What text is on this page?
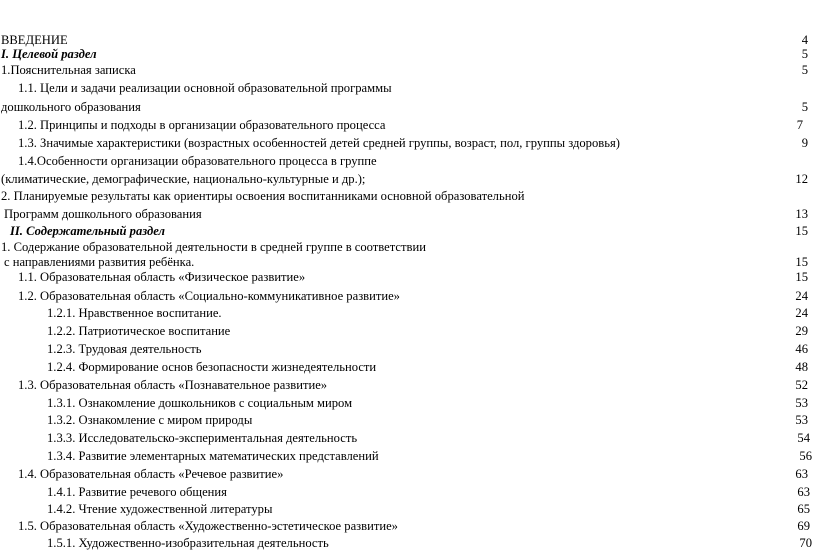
ВВЕДЕНИЕ	4
I. Целевой раздел	5
1.Пояснительная записка	5
1.1. Цели и задачи реализации основной образовательной программы
дошкольного образования	5
1.2. Принципы и подходы в организации образовательного процесса	7
1.3. Значимые характеристики (возрастных особенностей детей средней группы, возраст, пол, группы здоровья)	9
1.4.Особенности организации образовательного процесса в группе
(климатические, демографические, национально-культурные и др.);	12
2. Планируемые результаты как ориентиры освоения воспитанниками основной образовательной
Программ дошкольного образования	13
II. Содержательный раздел	15
1. Содержание образовательной деятельности в средней группе в соответствии
с направлениями развития ребёнка.	15
1.1. Образовательная область «Физическое развитие»	15
1.2. Образовательная область «Социально-коммуникативное развитие»	24
1.2.1. Нравственное воспитание.	24
1.2.2. Патриотическое воспитание	29
1.2.3. Трудовая деятельность	46
1.2.4. Формирование основ безопасности жизнедеятельности	48
1.3. Образовательная область «Познавательное развитие»	52
1.3.1. Ознакомление дошкольников с социальным миром	53
1.3.2. Ознакомление с миром природы	53
1.3.3. Исследовательско-экспериментальная деятельность	54
1.3.4. Развитие элементарных математических представлений	56
1.4. Образовательная область «Речевое развитие»	63
1.4.1. Развитие речевого общения	63
1.4.2. Чтение художественной литературы	65
1.5. Образовательная область «Художественно-эстетическое развитие»	69
1.5.1. Художественно-изобразительная деятельность	70
